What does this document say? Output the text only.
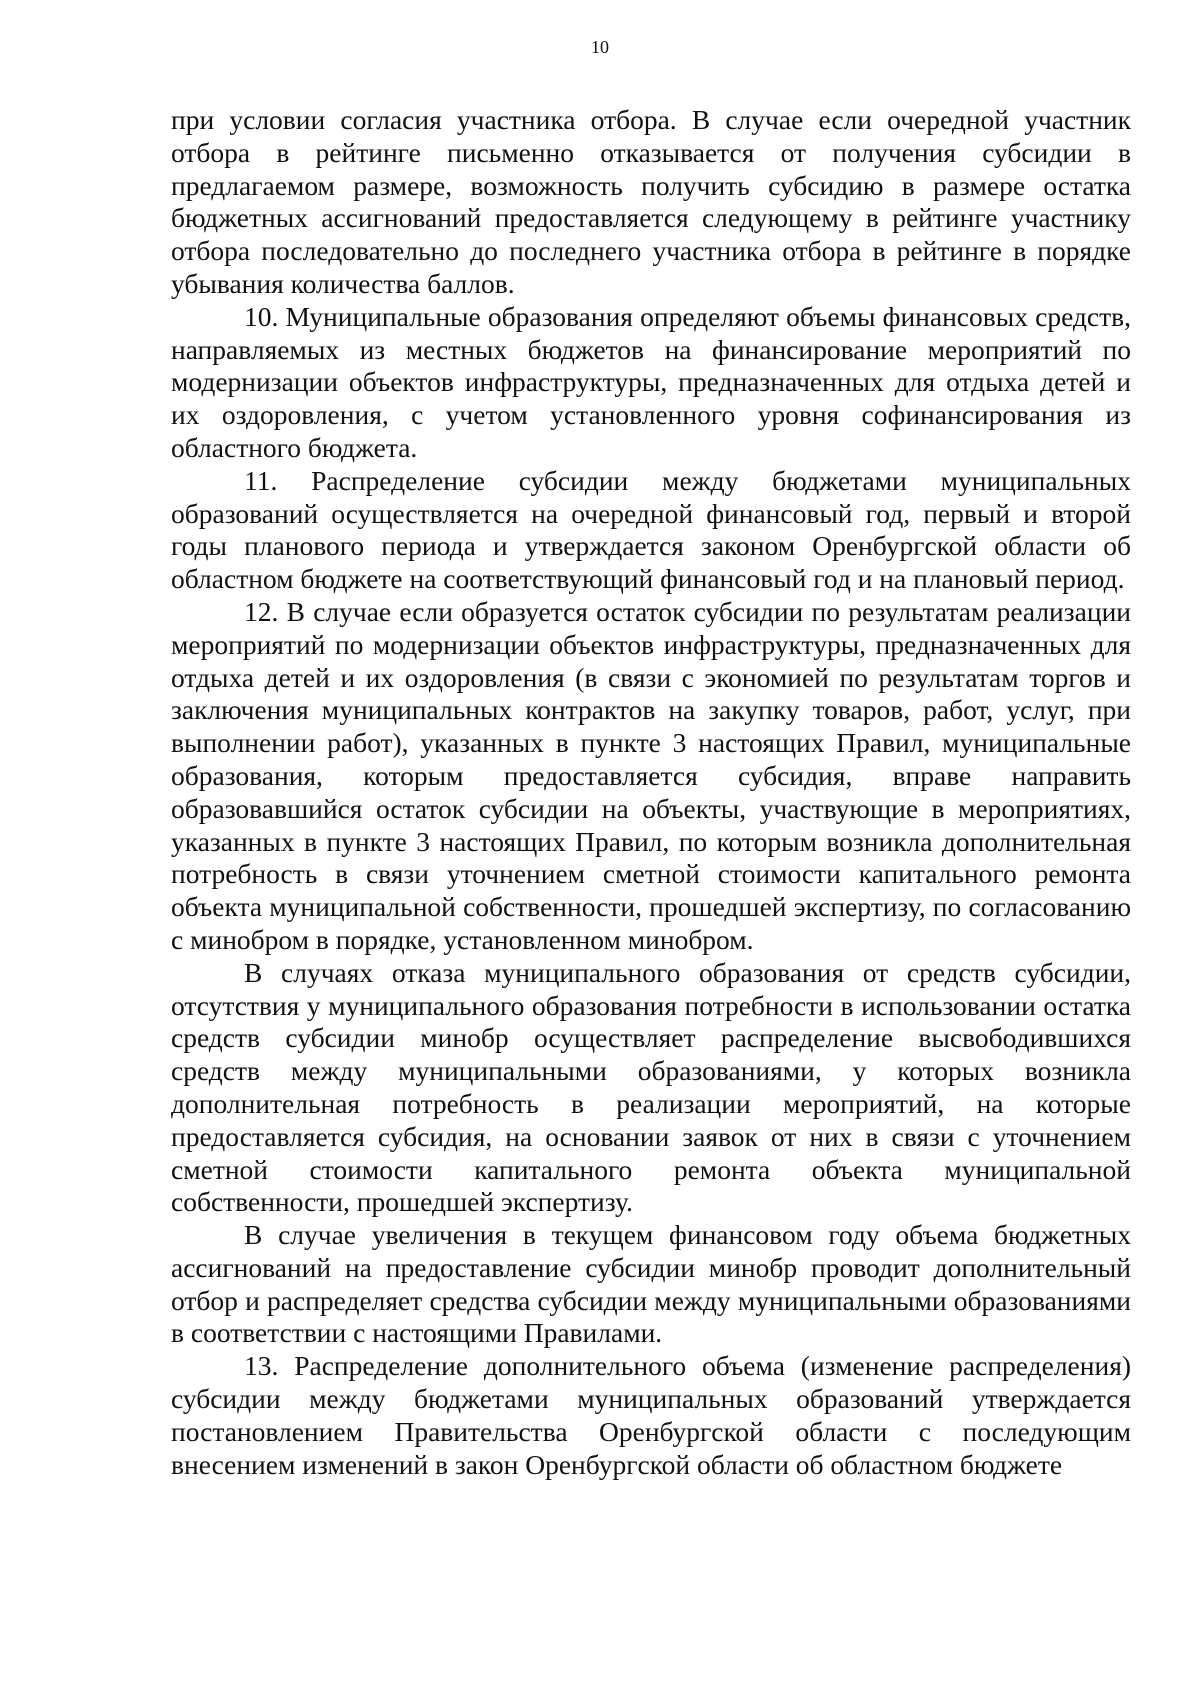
10

при условии согласия участника отбора. В случае если очередной участник отбора в рейтинге письменно отказывается от получения субсидии в предлагаемом размере, возможность получить субсидию в размере остатка бюджетных ассигнований предоставляется следующему в рейтинге участнику отбора последовательно до последнего участника отбора в рейтинге в порядке убывания количества баллов.

10. Муниципальные образования определяют объемы финансовых средств, направляемых из местных бюджетов на финансирование мероприятий по модернизации объектов инфраструктуры, предназначенных для отдыха детей и их оздоровления, с учетом установленного уровня софинансирования из областного бюджета.

11. Распределение субсидии между бюджетами муниципальных образований осуществляется на очередной финансовый год, первый и второй годы планового периода и утверждается законом Оренбургской области об областном бюджете на соответствующий финансовый год и на плановый период.

12. В случае если образуется остаток субсидии по результатам реализации мероприятий по модернизации объектов инфраструктуры, предназначенных для отдыха детей и их оздоровления (в связи с экономией по результатам торгов и заключения муниципальных контрактов на закупку товаров, работ, услуг, при выполнении работ), указанных в пункте 3 настоящих Правил, муниципальные образования, которым предоставляется субсидия, вправе направить образовавшийся остаток субсидии на объекты, участвующие в мероприятиях, указанных в пункте 3 настоящих Правил, по которым возникла дополнительная потребность в связи уточнением сметной стоимости капитального ремонта объекта муниципальной собственности, прошедшей экспертизу, по согласованию с минобром в порядке, установленном минобром.

В случаях отказа муниципального образования от средств субсидии, отсутствия у муниципального образования потребности в использовании остатка средств субсидии минобр осуществляет распределение высвободившихся средств между муниципальными образованиями, у которых возникла дополнительная потребность в реализации мероприятий, на которые предоставляется субсидия, на основании заявок от них в связи с уточнением сметной стоимости капитального ремонта объекта муниципальной собственности, прошедшей экспертизу.

В случае увеличения в текущем финансовом году объема бюджетных ассигнований на предоставление субсидии минобр проводит дополнительный отбор и распределяет средства субсидии между муниципальными образованиями в соответствии с настоящими Правилами.

13. Распределение дополнительного объема (изменение распределения) субсидии между бюджетами муниципальных образований утверждается постановлением Правительства Оренбургской области с последующим внесением изменений в закон Оренбургской области об областном бюджете
